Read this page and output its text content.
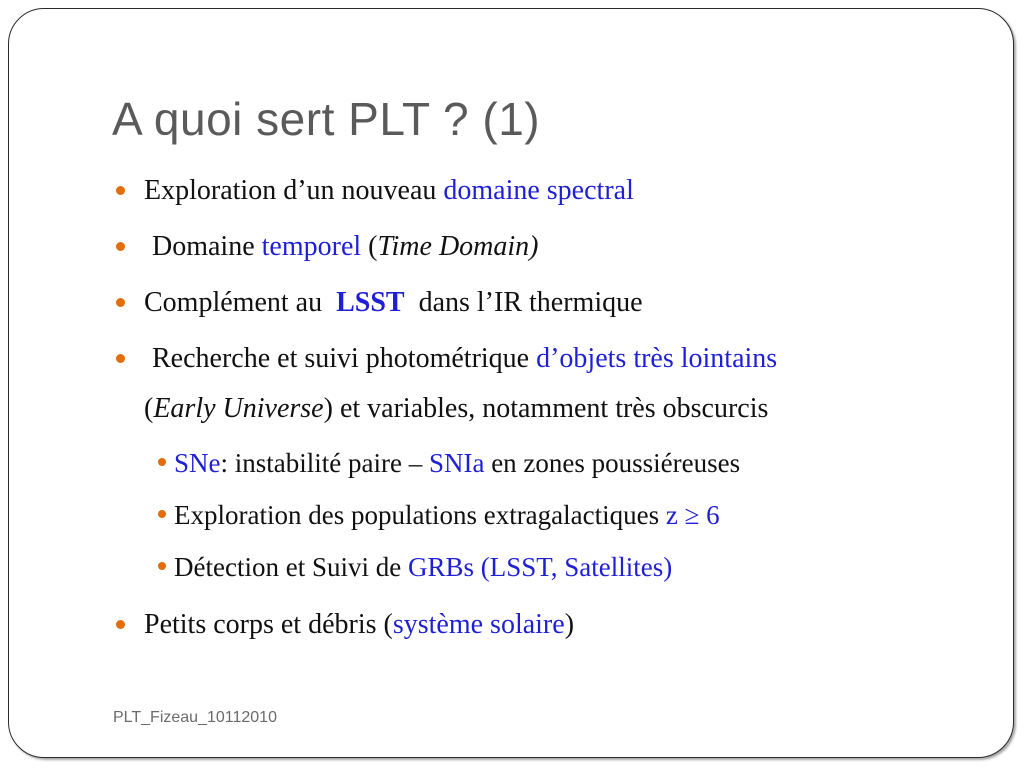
A quoi sert PLT ? (1)
Exploration d’un nouveau domaine spectral
Domaine temporel (Time Domain)
Complément au  LSST  dans l’IR thermique
Recherche et suivi photométrique d’objets très lointains
(Early Universe) et variables, notamment très obscurcis
SNe: instabilité paire – SNIa en zones poussiéreuses
Exploration des populations extragalactiques z ≥ 6
Détection et Suivi de GRBs (LSST, Satellites)
Petits corps et débris (système solaire)
PLT_Fizeau_10112010
